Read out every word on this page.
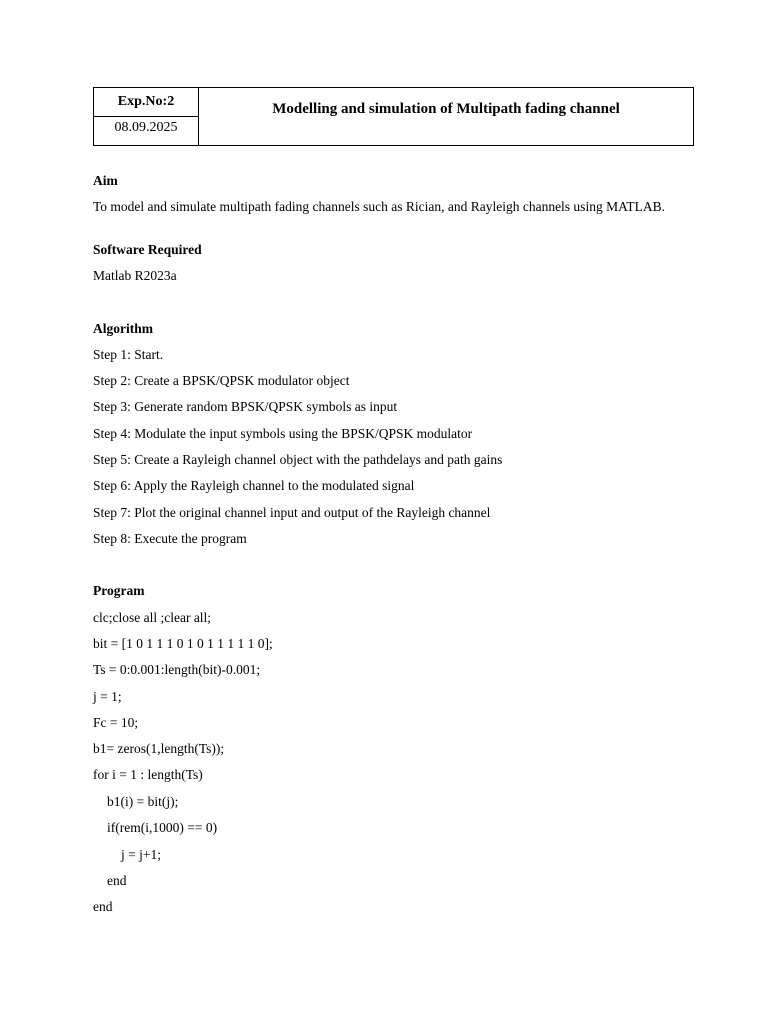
Exp.No:2
08.09.2025
Modelling and simulation of Multipath fading channel
Aim
To model and simulate multipath fading channels such as Rician, and Rayleigh channels using MATLAB.
Software Required
Matlab R2023a
Algorithm
Step 1: Start.
Step 2: Create a BPSK/QPSK modulator object
Step 3: Generate random BPSK/QPSK symbols as input
Step 4: Modulate the input symbols using the BPSK/QPSK modulator
Step 5: Create a Rayleigh channel object with the pathdelays and path gains
Step 6: Apply the Rayleigh channel to the modulated signal
Step 7: Plot the original channel input and output of the Rayleigh channel
Step 8: Execute the program
Program
clc;close all ;clear all;
bit = [1 0 1 1 1 0 1 0 1 1 1 1 1 0];
Ts = 0:0.001:length(bit)-0.001;
j = 1;
Fc = 10;
b1= zeros(1,length(Ts));
for i = 1 : length(Ts)
b1(i) = bit(j);
if(rem(i,1000) == 0)
j = j+1;
end
end
